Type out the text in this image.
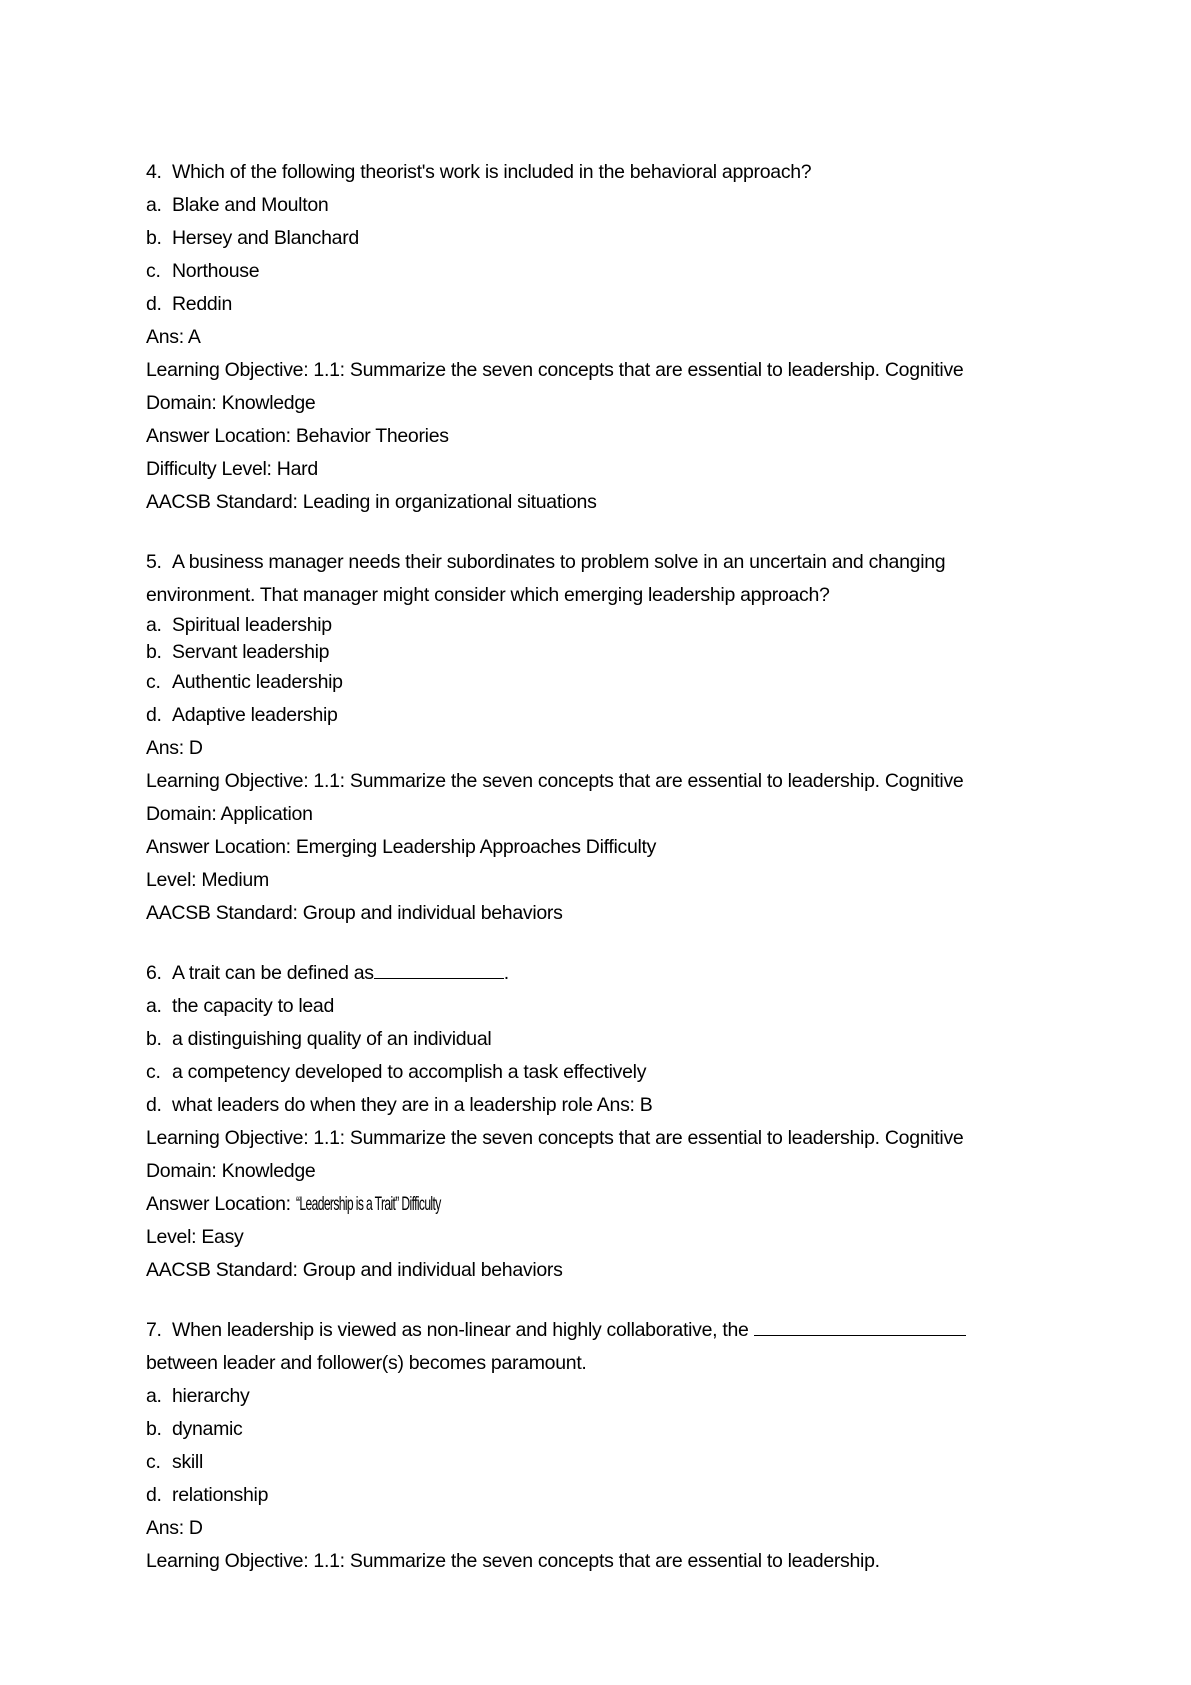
4. Which of the following theorist's work is included in the behavioral approach?
a. Blake and Moulton
b. Hersey and Blanchard
c. Northouse
d. Reddin
Ans: A
Learning Objective: 1.1: Summarize the seven concepts that are essential to leadership. Cognitive
Domain: Knowledge
Answer Location: Behavior Theories
Difficulty Level: Hard
AACSB Standard: Leading in organizational situations
5. A business manager needs their subordinates to problem solve in an uncertain and changing
environment. That manager might consider which emerging leadership approach?
a. Spiritual leadership
b. Servant leadership
c. Authentic leadership
d. Adaptive leadership
Ans: D
Learning Objective: 1.1: Summarize the seven concepts that are essential to leadership. Cognitive
Domain: Application
Answer Location: Emerging Leadership Approaches Difficulty
Level: Medium
AACSB Standard: Group and individual behaviors
6. A trait can be defined as	.
a. the capacity to lead
b. a distinguishing quality of an individual
c. a competency developed to accomplish a task effectively
d. what leaders do when they are in a leadership role Ans: B
Learning Objective: 1.1: Summarize the seven concepts that are essential to leadership. Cognitive
Domain: Knowledge
Answer Location: “Leadership is a Trait” Difficulty
Level: Easy
AACSB Standard: Group and individual behaviors
7. When leadership is viewed as non-linear and highly collaborative, the
between leader and follower(s) becomes paramount.
a. hierarchy
b. dynamic
c. skill
d. relationship
Ans: D
Learning Objective: 1.1: Summarize the seven concepts that are essential to leadership.
